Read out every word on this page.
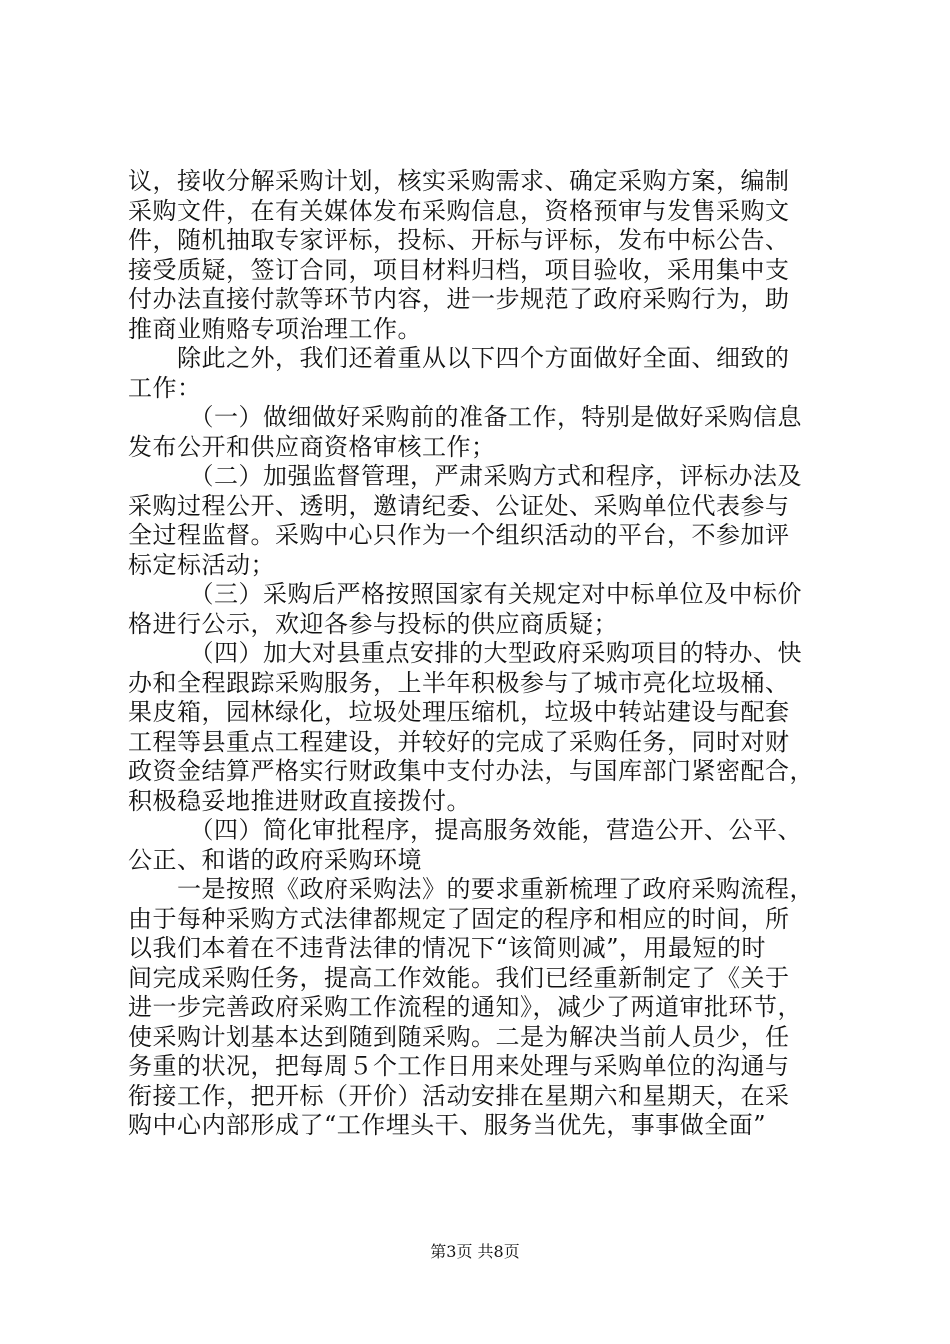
议，接收分解采购计划，核实采购需求、确定采购方案，编制
采购文件，在有关媒体发布采购信息，资格预审与发售采购文
件，随机抽取专家评标，投标、开标与评标，发布中标公告、
接受质疑，签订合同，项目材料归档，项目验收，采用集中支
付办法直接付款等环节内容，进一步规范了政府采购行为，助
推商业贿赂专项治理工作。
　　除此之外，我们还着重从以下四个方面做好全面、细致的
工作：
　　　（一）做细做好采购前的准备工作，特别是做好采购信息
发布公开和供应商资格审核工作；
　　　（二）加强监督管理，严肃采购方式和程序，评标办法及
采购过程公开、透明，邀请纪委、公证处、采购单位代表参与
全过程监督。采购中心只作为一个组织活动的平台，不参加评
标定标活动；
　　　（三）采购后严格按照国家有关规定对中标单位及中标价
格进行公示，欢迎各参与投标的供应商质疑；
　　　（四）加大对县重点安排的大型政府采购项目的特办、快
办和全程跟踪采购服务，上半年积极参与了城市亮化垃圾桶、
果皮箱，园林绿化，垃圾处理压缩机，垃圾中转站建设与配套
工程等县重点工程建设，并较好的完成了采购任务，同时对财
政资金结算严格实行财政集中支付办法，与国库部门紧密配合，
积极稳妥地推进财政直接拨付。
　　　（四）简化审批程序，提高服务效能，营造公开、公平、
公正、和谐的政府采购环境
　　一是按照《政府采购法》的要求重新梳理了政府采购流程，
由于每种采购方式法律都规定了固定的程序和相应的时间，所
以我们本着在不违背法律的情况下“该简则减”，用最短的时
间完成采购任务，提高工作效能。我们已经重新制定了《关于
进一步完善政府采购工作流程的通知》，减少了两道审批环节，
使采购计划基本达到随到随采购。二是为解决当前人员少，任
务重的状况，把每周５个工作日用来处理与采购单位的沟通与
衔接工作，把开标（开价）活动安排在星期六和星期天，在采
购中心内部形成了“工作埋头干、服务当优先，事事做全面”
第3页 共8页
